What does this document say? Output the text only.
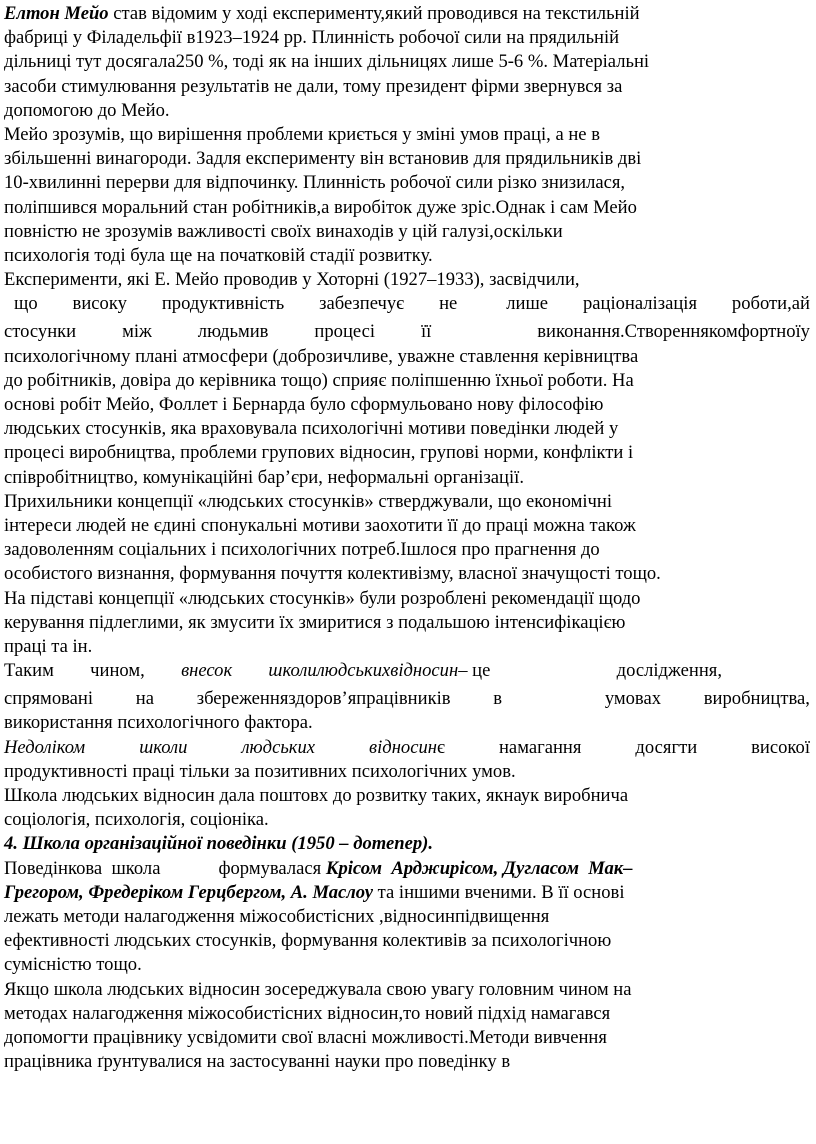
Елтон Мейо став відомим у ході експерименту,який проводився на текстильній
фабриці у Філадельфії в1923–1924 рр. Плинність робочої сили на прядильній
дільниці тут досягала250 %, тоді як на інших дільницях лише 5-6 %. Матеріальні
засоби стимулювання результатів не дали, тому президент фірми звернувся за
допомогою до Мейо.
Мейо зрозумів, що вирішення проблеми криється у зміні умов праці, а не в
збільшенні винагороди. Задля експерименту він встановив для прядильників дві
10-хвилинні перерви для відпочинку. Плинність робочої сили різко знизилася,
поліпшився моральний стан робітників,а виробіток дуже зріс.Однак і сам Мейо
повністю не зрозумів важливості своїх винаходів у цій галузі,оскільки
психологія тоді була ще на початковій стадії розвитку.
Експерименти, які Е. Мейо проводив у Хоторні (1927–1933), засвідчили,
що високу продуктивність забезпечує не	лише раціоналізація роботи,ай
стосунки між людьмив процесі її	виконання.Створеннякомфортноїу
психологічному плані атмосфери (доброзичливе, уважне ставлення керівництва
до робітників, довіра до керівника тощо) сприяє поліпшенню їхньої роботи. На
основі робіт Мейо, Фоллет і Бернарда було сформульовано нову філософію
людських стосунків, яка враховувала психологічні мотиви поведінки людей у
процесі виробництва, проблеми групових відносин, групові норми, конфлікти і
співробітництво, комунікаційні бар’єри, неформальні організації.
Прихильники концепції «людських стосунків» стверджували, що економічні
інтереси людей не єдині спонукальні мотиви заохотити її до праці можна також
задоволенням соціальних і психологічних потреб.Ішлося про прагнення до
особистого визнання, формування почуття колективізму, власної значущості тощо.
На підставі концепції «людських стосунків» були розроблені рекомендації щодо
керування підлеглими, як змусити їх змиритися з подальшою інтенсифікацією
праці та ін.
Таким чином, внесок школилюдськихвідносин– це	дослідження,
спрямовані на збереженняздоров’япрацівників в	умовах виробництва,
використання психологічного фактора.
Недоліком	школи	людських	відносинє	намагання	досягти	високої
продуктивності праці тільки за позитивних психологічних умов.
Школа людських відносин дала поштовх до розвитку таких, якнаук виробнича
соціологія, психологія, соціоніка.
4. Школа організаційної поведінки (1950 – дотепер).
Поведінкова школа	формувалася Крісом Арджирісом, Дугласом Мак–
Грегором, Фредеріком Герцбергом, А. Маслоу та іншими вченими. В її основі
лежать методи налагодження міжособистісних ,відносинпідвищення
ефективності людських стосунків, формування колективів за психологічною
сумісністю тощо.
Якщо школа людських відносин зосереджувала свою увагу головним чином на
методах налагодження міжособистісних відносин,то новий підхід намагався
допомогти працівнику усвідомити свої власні можливості.Методи вивчення
працівника ґрунтувалися на застосуванні науки про поведінку в
